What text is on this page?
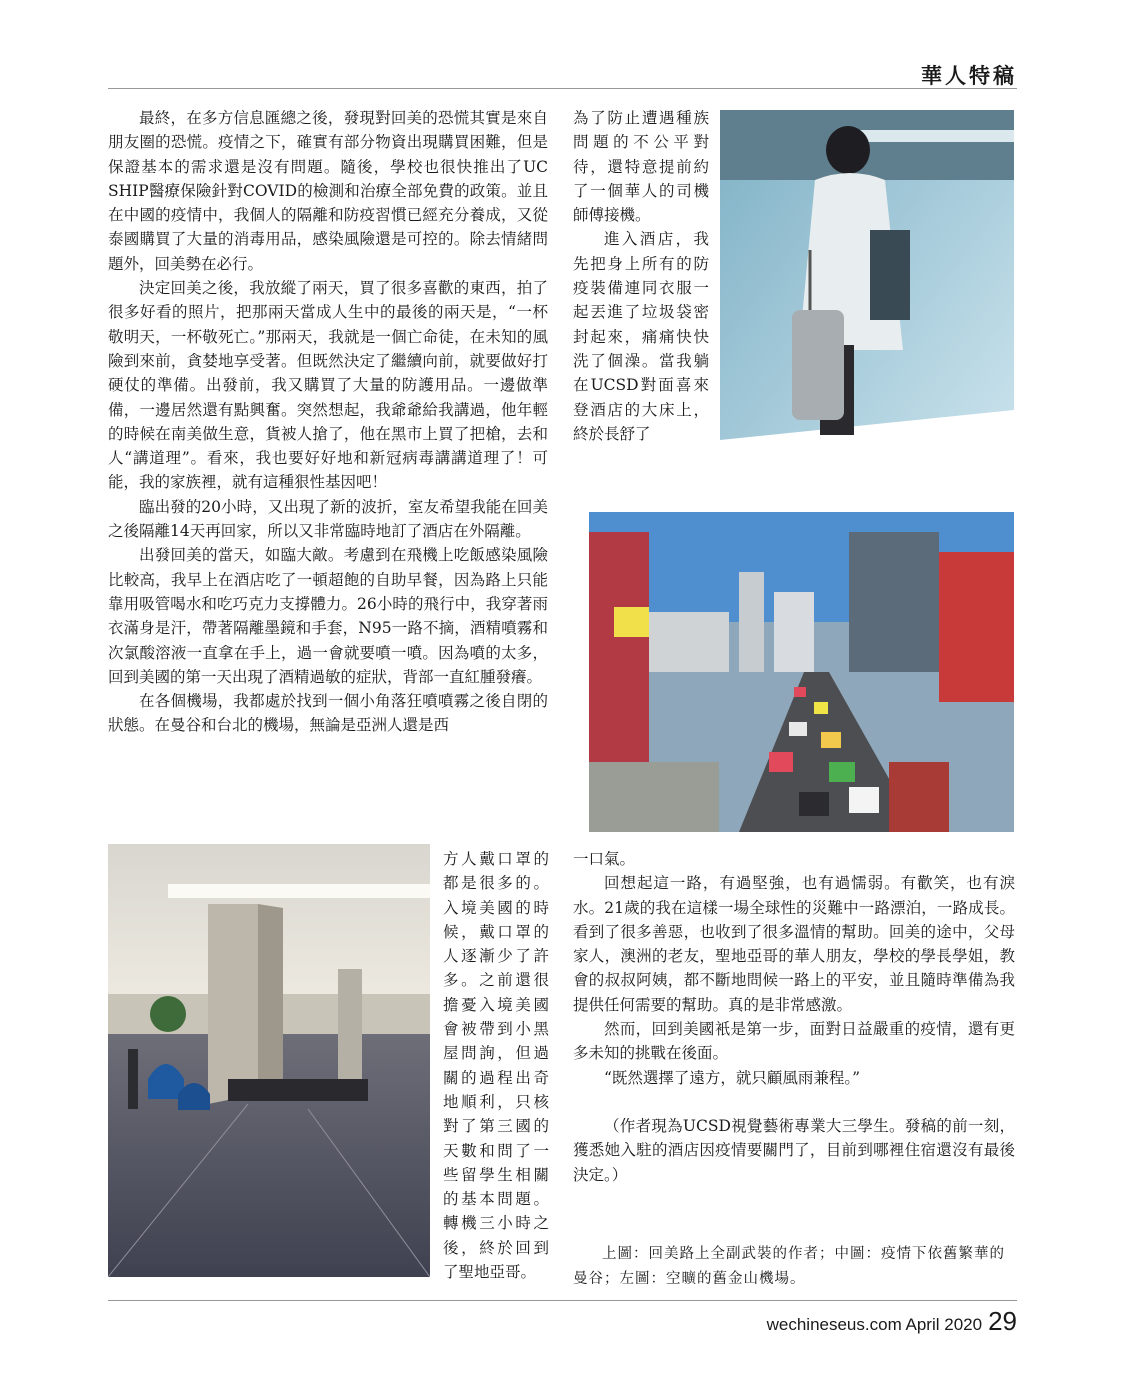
華人特稿

最終，在多方信息匯總之後，發現對回美的恐慌其實是來自朋友圈的恐慌。疫情之下，確實有部分物資出現購買困難，但是保證基本的需求還是沒有問題。隨後，學校也很快推出了UC SHIP醫療保險針對COVID的檢測和治療全部免費的政策。並且在中國的疫情中，我個人的隔離和防疫習慣已經充分養成，又從泰國購買了大量的消毒用品，感染風險還是可控的。除去情緒問題外，回美勢在必行。

決定回美之後，我放縱了兩天，買了很多喜歡的東西，拍了很多好看的照片，把那兩天當成人生中的最後的兩天是，“一杯敬明天，一杯敬死亡。”那兩天，我就是一個亡命徒，在未知的風險到來前，貪婪地享受著。但既然決定了繼續向前，就要做好打硬仗的準備。出發前，我又購買了大量的防護用品。一邊做準備，一邊居然還有點興奮。突然想起，我爺爺給我講過，他年輕的時候在南美做生意，貨被人搶了，他在黑市上買了把槍，去和人“講道理”。看來，我也要好好地和新冠病毒講講道理了！可能，我的家族裡，就有這種狠性基因吧！

臨出發的20小時，又出現了新的波折，室友希望我能在回美之後隔離14天再回家，所以又非常臨時地訂了酒店在外隔離。

出發回美的當天，如臨大敵。考慮到在飛機上吃飯感染風險比較高，我早上在酒店吃了一頓超飽的自助早餐，因為路上只能靠用吸管喝水和吃巧克力支撐體力。26小時的飛行中，我穿著雨衣滿身是汗，帶著隔離墨鏡和手套，N95一路不摘，酒精噴霧和次氯酸溶液一直拿在手上，過一會就要噴一噴。因為噴的太多，回到美國的第一天出現了酒精過敏的症狀，背部一直紅腫發癢。

在各個機場，我都處於找到一個小角落狂噴噴霧之後自閉的狀態。在曼谷和台北的機場，無論是亞洲人還是西

方人戴口罩的都是很多的。入境美國的時候，戴口罩的人逐漸少了許多。之前還很擔憂入境美國會被帶到小黑屋問詢，但過關的過程出奇地順利，只核對了第三國的天數和問了一些留學生相關的基本問題。轉機三小時之後，終於回到了聖地亞哥。

為了防止遭遇種族問題的不公平對待，還特意提前約了一個華人的司機師傅接機。

進入酒店，我先把身上所有的防疫裝備連同衣服一起丟進了垃圾袋密封起來，痛痛快快洗了個澡。當我躺在UCSD對面喜來登酒店的大床上，終於長舒了

一口氣。

回想起這一路，有過堅強，也有過懦弱。有歡笑，也有淚水。21歲的我在這樣一場全球性的災難中一路漂泊，一路成長。看到了很多善惡，也收到了很多溫情的幫助。回美的途中，父母家人，澳洲的老友，聖地亞哥的華人朋友，學校的學長學姐，教會的叔叔阿姨，都不斷地問候一路上的平安，並且隨時準備為我提供任何需要的幫助。真的是非常感激。

然而，回到美國衹是第一步，面對日益嚴重的疫情，還有更多未知的挑戰在後面。

“既然選擇了遠方，就只顧風雨兼程。”

（作者現為UCSD視覺藝術專業大三學生。發稿的前一刻，獲悉她入駐的酒店因疫情要關門了，目前到哪裡住宿還沒有最後決定。）

上圖：回美路上全副武裝的作者；中圖：疫情下依舊繁華的曼谷；左圖：空曠的舊金山機場。
wechineseus.com April 2020 29
